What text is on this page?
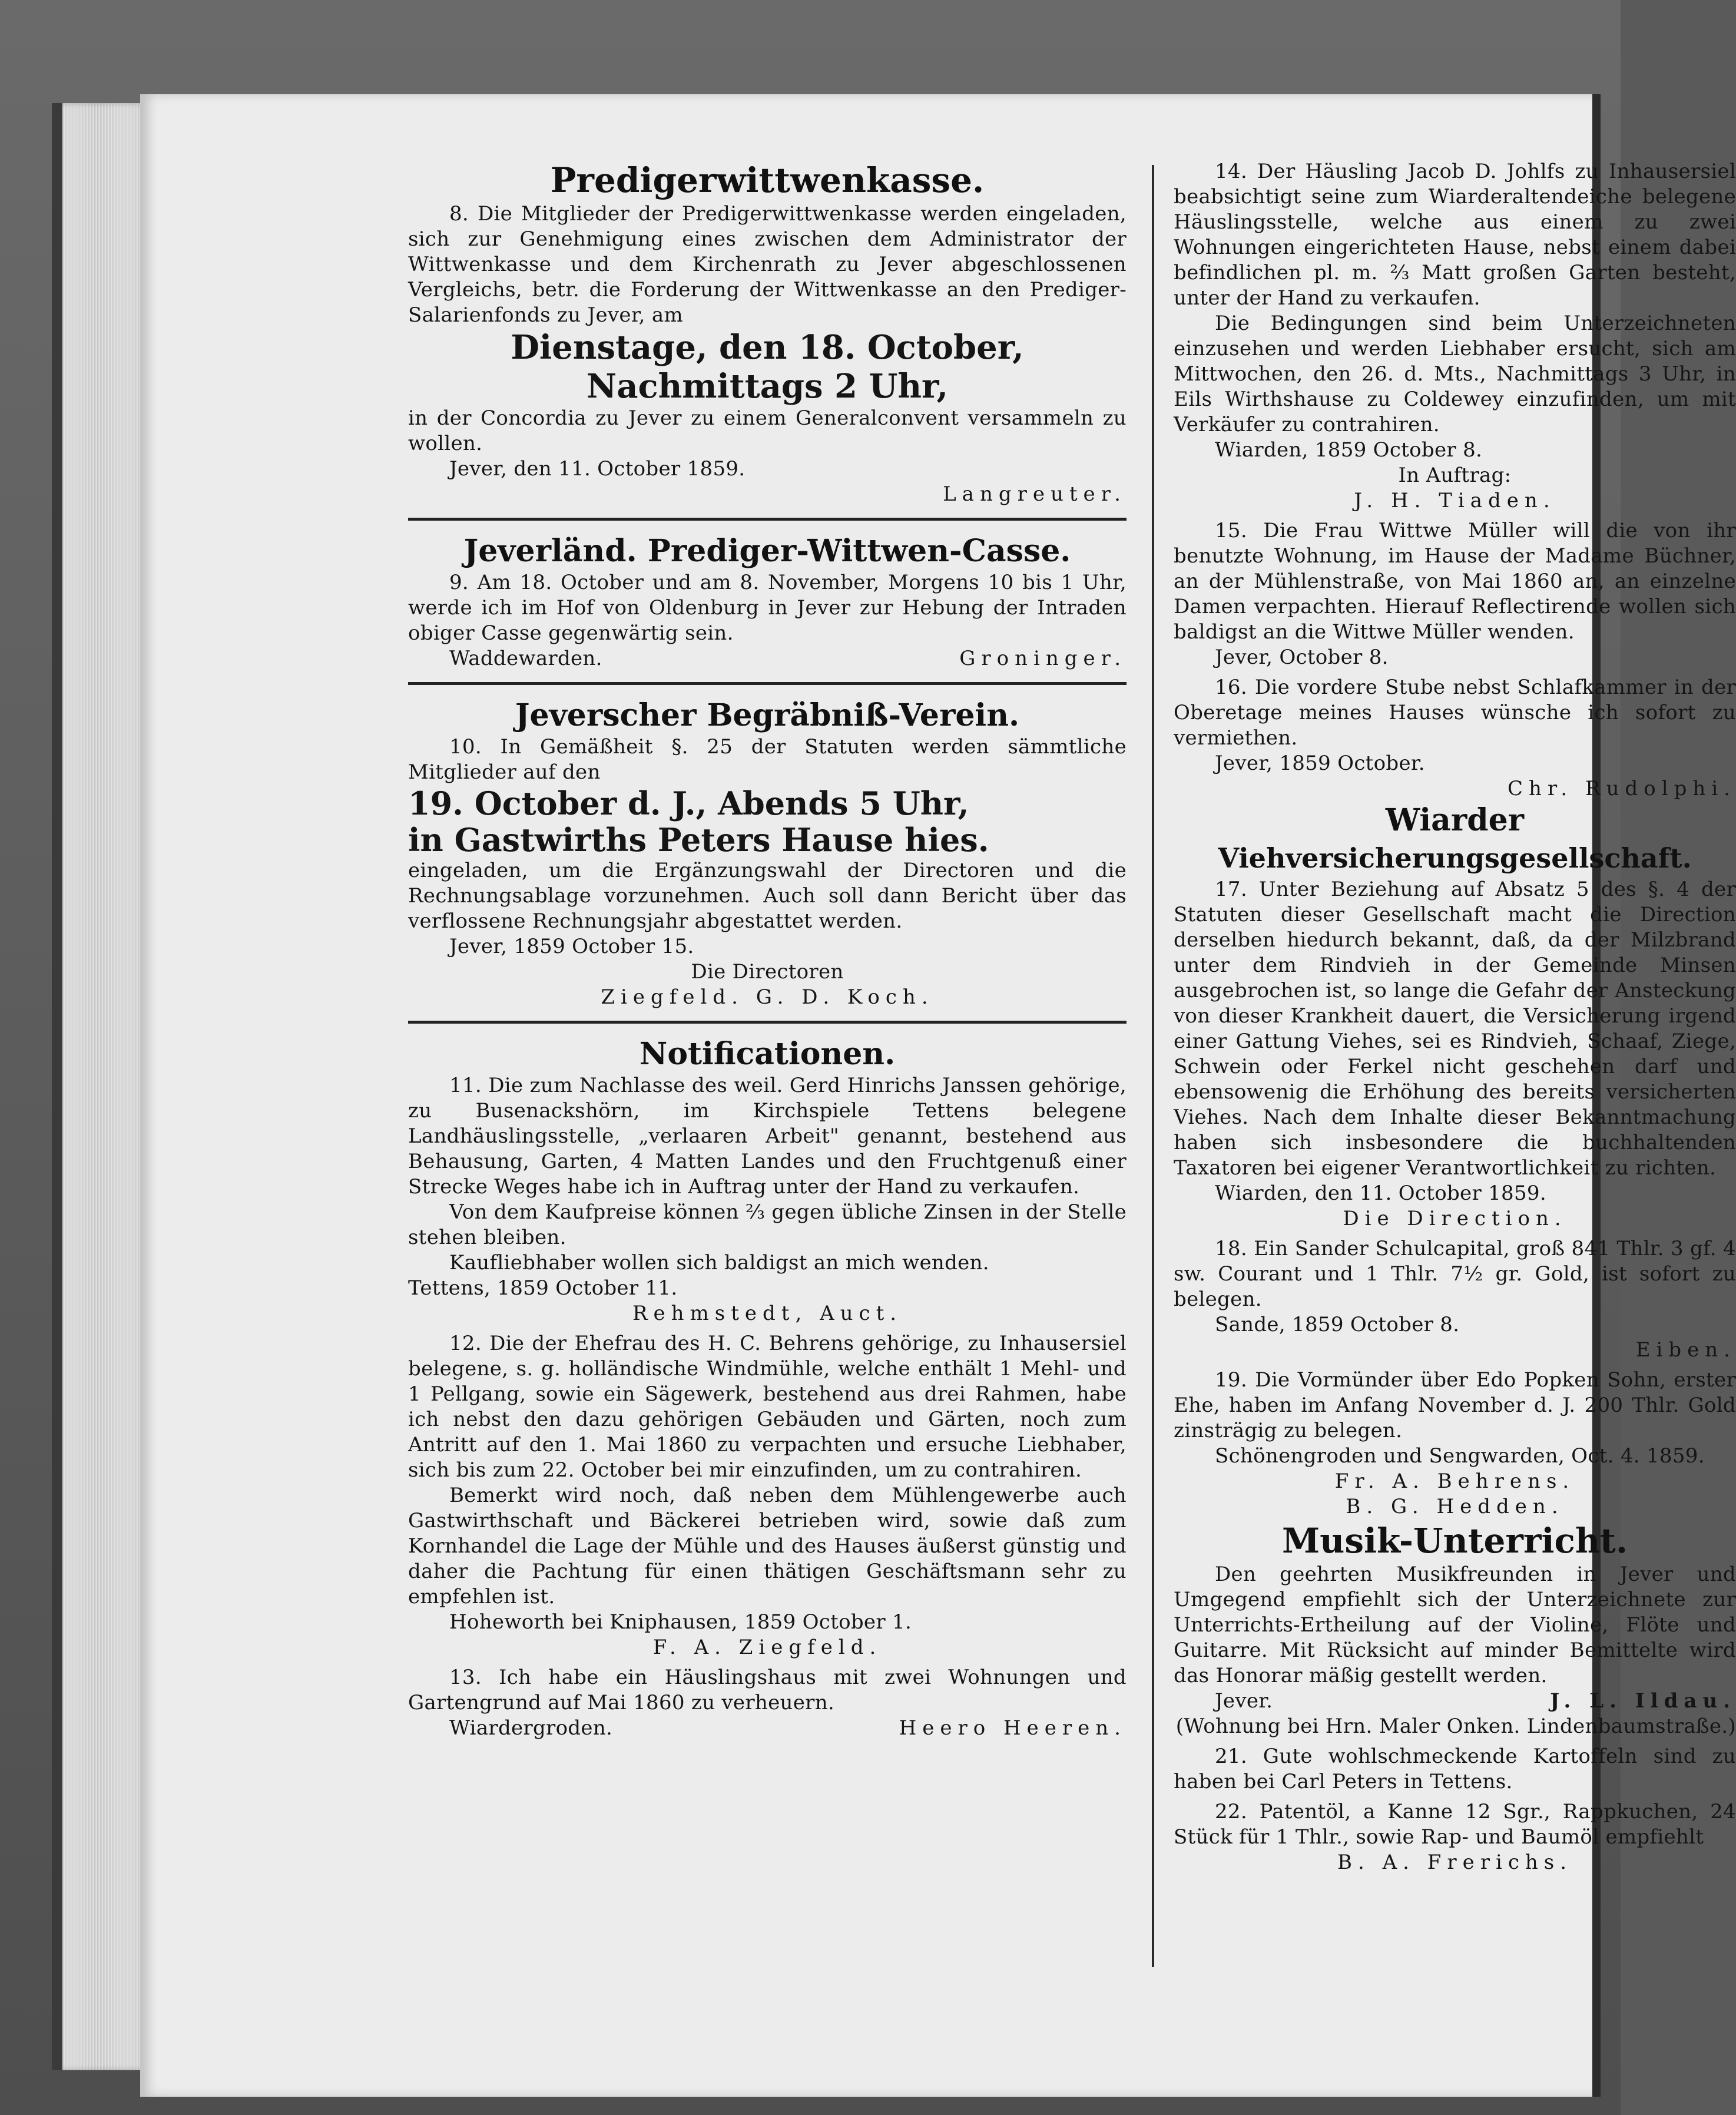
Predigerwittwenkasse.

8. Die Mitglieder der Predigerwittwenkasse werden eingeladen, sich zur Genehmigung eines zwischen dem Administrator der Wittwenkasse und dem Kirchenrath zu Jever abgeschlossenen Vergleichs, betr. die Forderung der Wittwenkasse an den Prediger-Salarienfonds zu Jever, am

Dienstage, den 18. October,

Nachmittags 2 Uhr,

in der Concordia zu Jever zu einem Generalconvent versammeln zu wollen.

Jever, den 11. October 1859.

Langreuter.

Jeverländ. Prediger-Wittwen-Casse.

9. Am 18. October und am 8. November, Morgens 10 bis 1 Uhr, werde ich im Hof von Oldenburg in Jever zur Hebung der Intraden obiger Casse gegenwärtig sein.

Waddewarden.	Groninger.

Jeverscher Begräbniß-Verein.

10. In Gemäßheit §. 25 der Statuten werden sämmtliche Mitglieder auf den

19. October d. J., Abends 5 Uhr,

in Gastwirths Peters Hause hies.

eingeladen, um die Ergänzungswahl der Directoren und die Rechnungsablage vorzunehmen. Auch soll dann Bericht über das verflossene Rechnungsjahr abgestattet werden.

Jever, 1859 October 15.

Die Directoren

Ziegfeld. G. D. Koch.

Notificationen.

11. Die zum Nachlasse des weil. Gerd Hinrichs Janssen gehörige, zu Busenackshörn, im Kirchspiele Tettens belegene Landhäuslingsstelle, „verlaaren Arbeit" genannt, bestehend aus Behausung, Garten, 4 Matten Landes und den Fruchtgenuß einer Strecke Weges habe ich in Auftrag unter der Hand zu verkaufen.

Von dem Kaufpreise können ⅔ gegen übliche Zinsen in der Stelle stehen bleiben.

Kaufliebhaber wollen sich baldigst an mich wenden.

Tettens, 1859 October 11.

Rehmstedt, Auct.

12. Die der Ehefrau des H. C. Behrens gehörige, zu Inhausersiel belegene, s. g. holländische Windmühle, welche enthält 1 Mehl- und 1 Pellgang, sowie ein Sägewerk, bestehend aus drei Rahmen, habe ich nebst den dazu gehörigen Gebäuden und Gärten, noch zum Antritt auf den 1. Mai 1860 zu verpachten und ersuche Liebhaber, sich bis zum 22. October bei mir einzufinden, um zu contrahiren.

Bemerkt wird noch, daß neben dem Mühlengewerbe auch Gastwirthschaft und Bäckerei betrieben wird, sowie daß zum Kornhandel die Lage der Mühle und des Hauses äußerst günstig und daher die Pachtung für einen thätigen Geschäftsmann sehr zu empfehlen ist.

Hoheworth bei Kniphausen, 1859 October 1.

F. A. Ziegfeld.

13. Ich habe ein Häuslingshaus mit zwei Wohnungen und Gartengrund auf Mai 1860 zu verheuern.

Wiardergroden.	Heero Heeren.

14. Der Häusling Jacob D. Johlfs zu Inhausersiel beabsichtigt seine zum Wiarderaltendeiche belegene Häuslingsstelle, welche aus einem zu zwei Wohnungen eingerichteten Hause, nebst einem dabei befindlichen pl. m. ⅔ Matt großen Garten besteht, unter der Hand zu verkaufen.

Die Bedingungen sind beim Unterzeichneten einzusehen und werden Liebhaber ersucht, sich am Mittwochen, den 26. d. Mts., Nachmittags 3 Uhr, in Eils Wirthshause zu Coldewey einzufinden, um mit Verkäufer zu contrahiren.

Wiarden, 1859 October 8.

In Auftrag:

J. H. Tiaden.

15. Die Frau Wittwe Müller will die von ihr benutzte Wohnung, im Hause der Madame Büchner, an der Mühlenstraße, von Mai 1860 an, an einzelne Damen verpachten. Hierauf Reflectirende wollen sich baldigst an die Wittwe Müller wenden.

Jever, October 8.

16. Die vordere Stube nebst Schlafkammer in der Oberetage meines Hauses wünsche ich sofort zu vermiethen.

Jever, 1859 October.

Chr. Rudolphi.

Wiarder

Viehversicherungsgesellschaft.

17. Unter Beziehung auf Absatz 5 des §. 4 der Statuten dieser Gesellschaft macht die Direction derselben hiedurch bekannt, daß, da der Milzbrand unter dem Rindvieh in der Gemeinde Minsen ausgebrochen ist, so lange die Gefahr der Ansteckung von dieser Krankheit dauert, die Versicherung irgend einer Gattung Viehes, sei es Rindvieh, Schaaf, Ziege, Schwein oder Ferkel nicht geschehen darf und ebensowenig die Erhöhung des bereits versicherten Viehes. Nach dem Inhalte dieser Bekanntmachung haben sich insbesondere die buchhaltenden Taxatoren bei eigener Verantwortlichkeit zu richten.

Wiarden, den 11. October 1859.

Die Direction.

18. Ein Sander Schulcapital, groß 841 Thlr. 3 gf. 4 sw. Courant und 1 Thlr. 7½ gr. Gold, ist sofort zu belegen.

Sande, 1859 October 8.

Eiben.

19. Die Vormünder über Edo Popken Sohn, erster Ehe, haben im Anfang November d. J. 200 Thlr. Gold zinsträgig zu belegen.

Schönengroden und Sengwarden, Oct. 4. 1859.

Fr. A. Behrens.

B. G. Hedden.

Musik-Unterricht.

Den geehrten Musikfreunden in Jever und Umgegend empfiehlt sich der Unterzeichnete zur Unterrichts-Ertheilung auf der Violine, Flöte und Guitarre. Mit Rücksicht auf minder Bemittelte wird das Honorar mäßig gestellt werden.

Jever.	J. L. Ildau.

(Wohnung bei Hrn. Maler Onken. Lindenbaumstraße.)

21. Gute wohlschmeckende Kartoffeln sind zu haben bei Carl Peters in Tettens.

22. Patentöl, a Kanne 12 Sgr., Rappkuchen, 24 Stück für 1 Thlr., sowie Rap- und Baumöl empfiehlt

B. A. Frerichs.
